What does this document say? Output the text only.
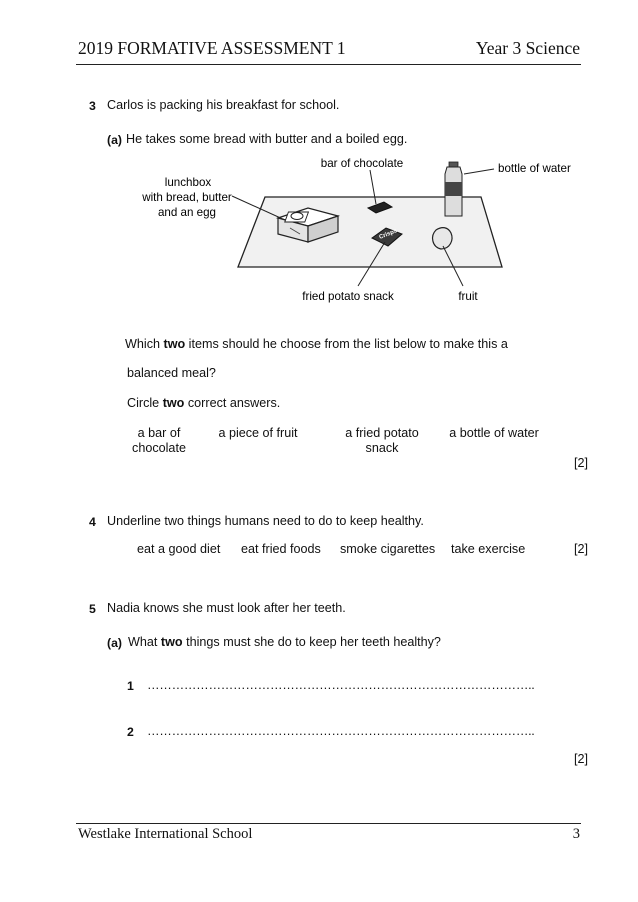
2019 FORMATIVE ASSESSMENT 1	Year 3 Science
3 Carlos is packing his breakfast for school.
(a) He takes some bread with butter and a boiled egg.
Crisps
lunchbox
with bread, butter
and an egg
bar of chocolate	bottle of water
fried potato snack	fruit
Which two items should he choose from the list below to make this a
balanced meal?
Circle two correct answers.
a bar of
chocolate
a piece of fruit	a fried potato
snack
a bottle of water
[2]
4 Underline two things humans need to do to keep healthy.
eat a good diet eat fried foods smoke cigarettes take exercise	[2]
5 Nadia knows she must look after her teeth.
(a) What two things must she do to keep her teeth healthy?
1 …………………………………………………………………………………..
2 …………………………………………………………………………………..
[2]
Westlake International School	3
